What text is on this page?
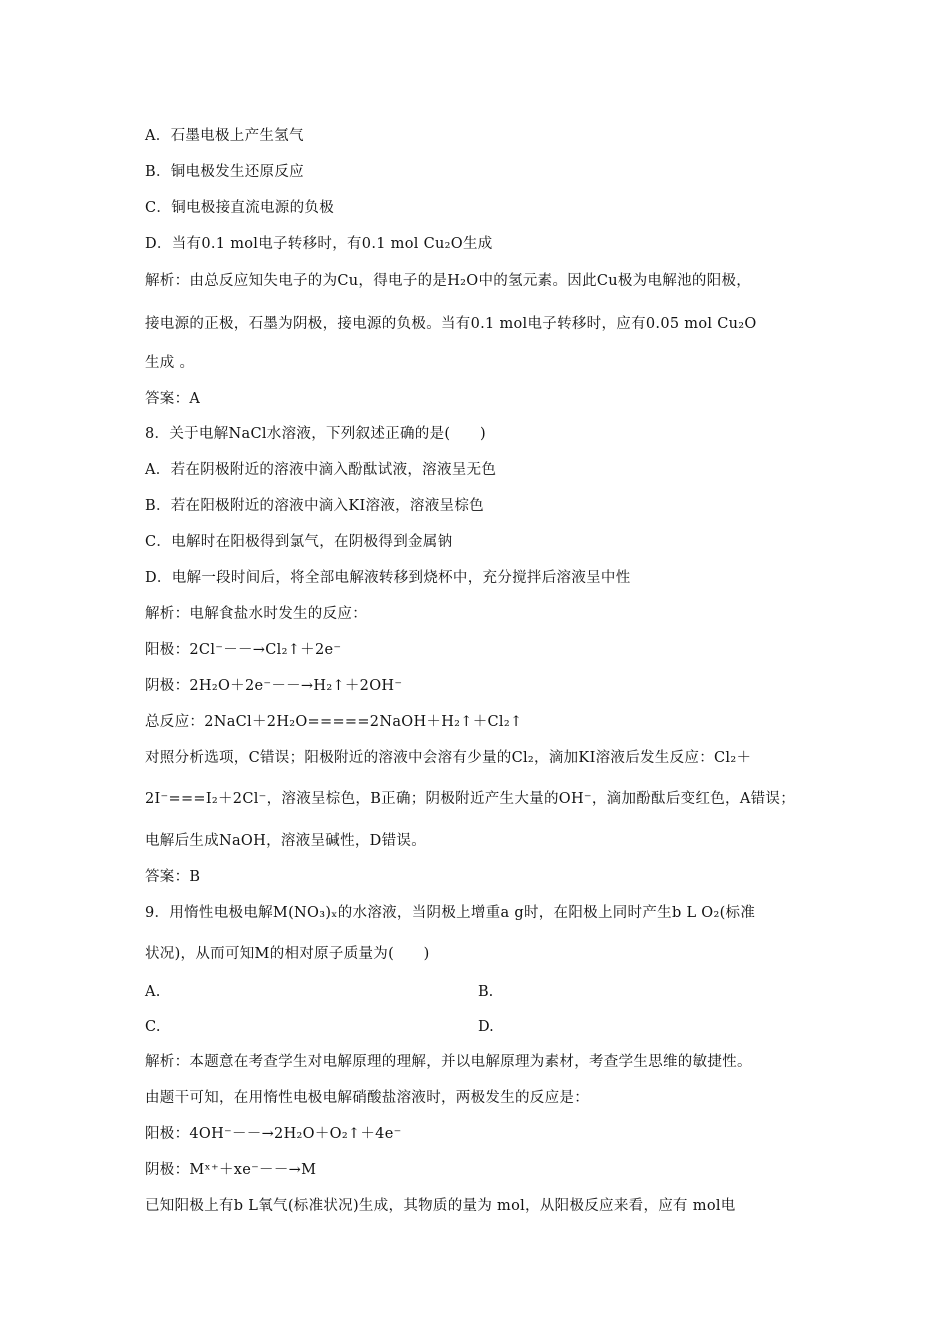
A．石墨电极上产生氢气
B．铜电极发生还原反应
C．铜电极接直流电源的负极
D．当有0.1 mol电子转移时，有0.1 mol Cu₂O生成
解析：由总反应知失电子的为Cu，得电子的是H₂O中的氢元素。因此Cu极为电解池的阳极，
接电源的正极，石墨为阴极，接电源的负极。当有0.1 mol电子转移时，应有0.05 mol Cu₂O
生成 。
答案：A
8．关于电解NaCl水溶液，下列叙述正确的是(　　)
A．若在阴极附近的溶液中滴入酚酞试液，溶液呈无色
B．若在阳极附近的溶液中滴入KI溶液，溶液呈棕色
C．电解时在阳极得到氯气，在阴极得到金属钠
D．电解一段时间后，将全部电解液转移到烧杯中，充分搅拌后溶液呈中性
解析：电解食盐水时发生的反应：
阳极：2Cl⁻－－→Cl₂↑＋2e⁻
阴极：2H₂O＋2e⁻－－→H₂↑＋2OH⁻
总反应：2NaCl＋2H₂O=====2NaOH＋H₂↑＋Cl₂↑
对照分析选项，C错误；阳极附近的溶液中会溶有少量的Cl₂，滴加KI溶液后发生反应：Cl₂＋
2I⁻===I₂＋2Cl⁻，溶液呈棕色，B正确；阴极附近产生大量的OH⁻，滴加酚酞后变红色，A错误；
电解后生成NaOH，溶液呈碱性，D错误。
答案：B
9．用惰性电极电解M(NO₃)ₓ的水溶液，当阴极上增重a g时，在阳极上同时产生b L O₂(标准
状况)，从而可知M的相对原子质量为(　　)
A.	B.
C.	D.
解析：本题意在考查学生对电解原理的理解，并以电解原理为素材，考查学生思维的敏捷性。
由题干可知，在用惰性电极电解硝酸盐溶液时，两极发生的反应是：
阳极：4OH⁻－－→2H₂O＋O₂↑＋4e⁻
阴极：Mˣ⁺＋xe⁻－－→M
已知阳极上有b L氧气(标准状况)生成，其物质的量为 mol，从阳极反应来看，应有 mol电
